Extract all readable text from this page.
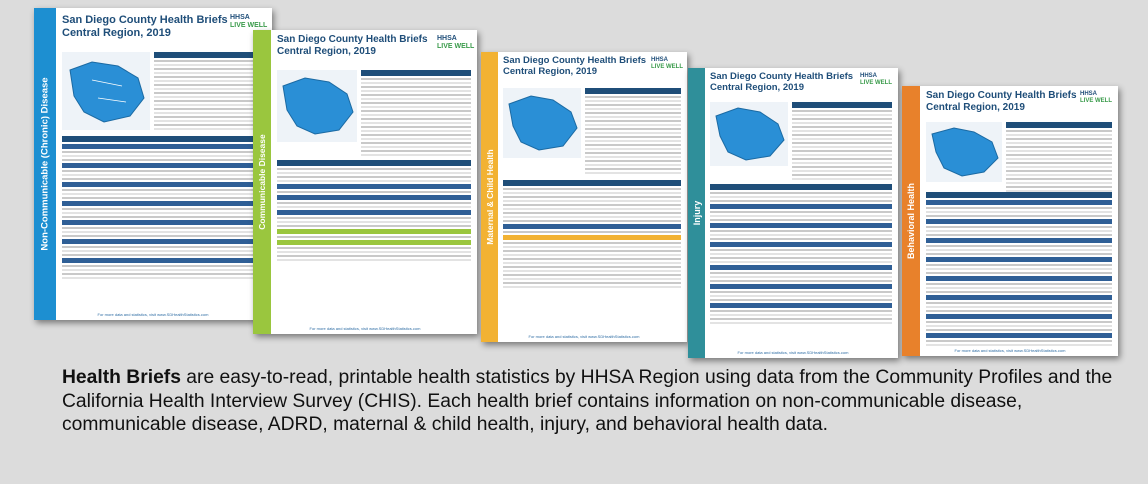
Non-Communicable (Chronic) Disease
San Diego County Health Briefs
Central Region, 2019
HHSA
LIVE WELL
For more data and statistics, visit www.SDHealthStatistics.com
Communicable Disease
San Diego County Health Briefs
Central Region, 2019
HHSA
LIVE WELL
For more data and statistics, visit www.SDHealthStatistics.com
Maternal & Child Health
San Diego County Health Briefs
Central Region, 2019
HHSA
LIVE WELL
For more data and statistics, visit www.SDHealthStatistics.com
Injury
San Diego County Health Briefs
Central Region, 2019
HHSA
LIVE WELL
For more data and statistics, visit www.SDHealthStatistics.com
Behavioral Health
San Diego County Health Briefs
Central Region, 2019
HHSA
LIVE WELL
For more data and statistics, visit www.SDHealthStatistics.com
Health Briefs are easy-to-read, printable health statistics by HHSA Region using data from the Community Profiles and the California Health Interview Survey (CHIS). Each health brief contains information on non-communicable disease, communicable disease, ADRD, maternal & child health, injury, and behavioral health data.
